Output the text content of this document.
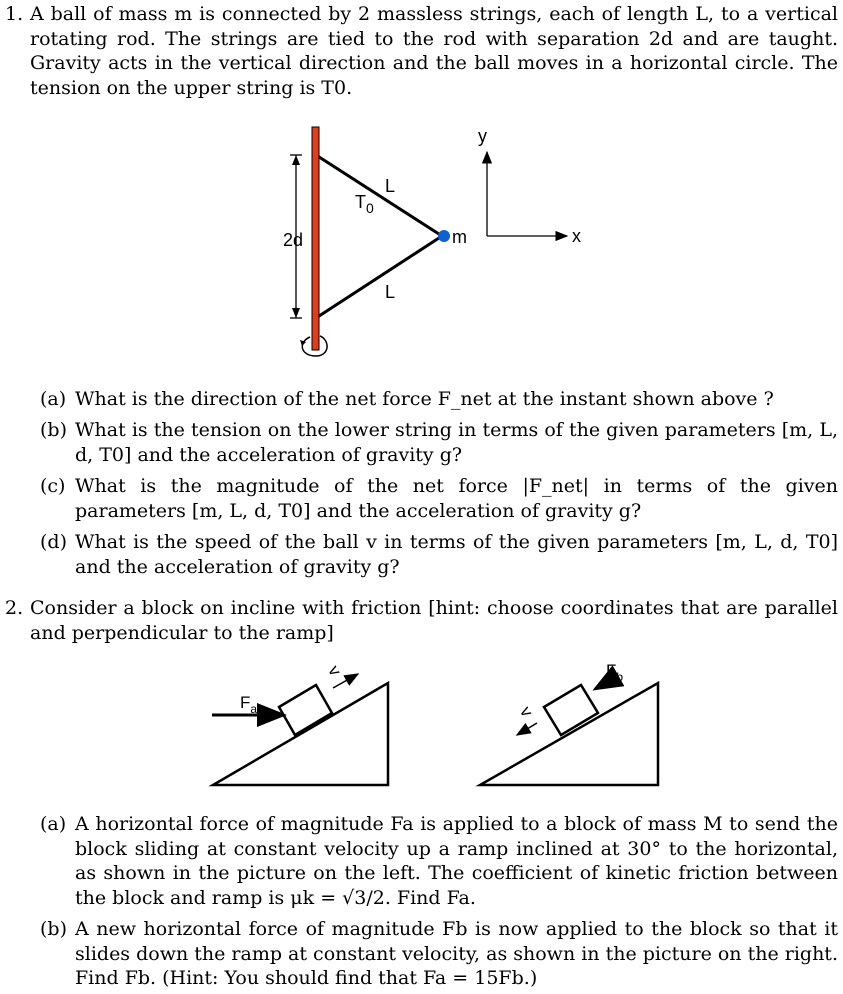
1. A ball of mass m is connected by 2 massless strings, each of length L, to a vertical rotating rod. The strings are tied to the rod with separation 2d and are taught. Gravity acts in the vertical direction and the ball moves in a horizontal circle. The tension on the upper string is T0.
2d
$T_0$
L
L
m
y
x
(a) What is the direction of the net force F_net at the instant shown above ?
(b) What is the tension on the lower string in terms of the given parameters [m, L, d, T0] and the acceleration of gravity g?
(c) What is the magnitude of the net force |F_net| in terms of the given parameters [m, L, d, T0] and the acceleration of gravity g?
(d) What is the speed of the ball v in terms of the given parameters [m, L, d, T0] and the acceleration of gravity g?
2. Consider a block on incline with friction [hint: choose coordinates that are parallel and perpendicular to the ramp]
$F_a$
v	$F_b$
v
(a) A horizontal force of magnitude Fa is applied to a block of mass M to send the block sliding at constant velocity up a ramp inclined at 30° to the horizontal, as shown in the picture on the left. The coefficient of kinetic friction between the block and ramp is μk = √3/2. Find Fa.
(b) A new horizontal force of magnitude Fb is now applied to the block so that it slides down the ramp at constant velocity, as shown in the picture on the right. Find Fb. (Hint: You should find that Fa = 15Fb.)
